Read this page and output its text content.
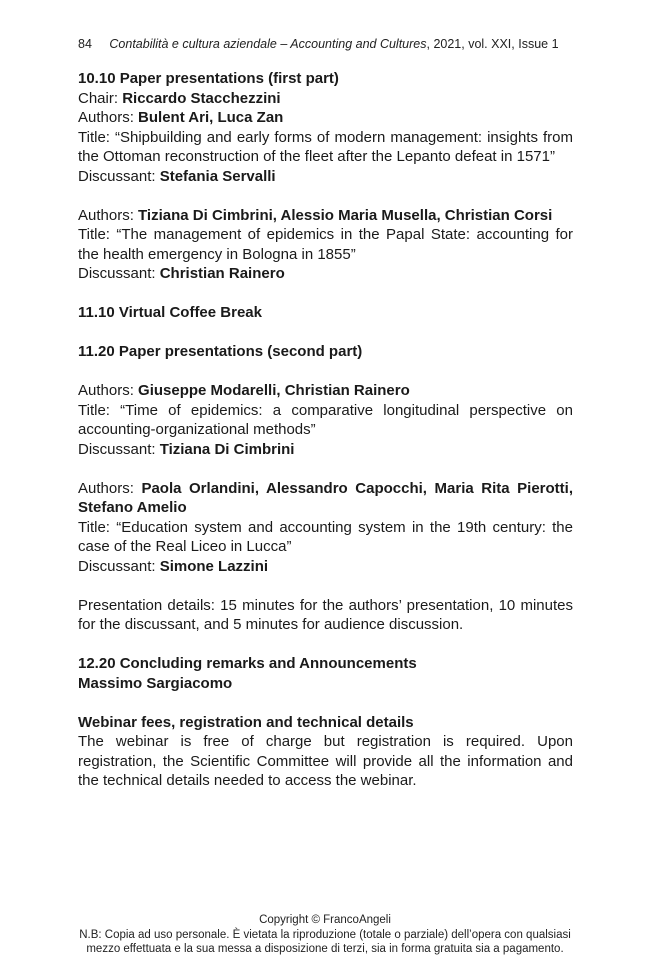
84 Contabilità e cultura aziendale – Accounting and Cultures, 2021, vol. XXI, Issue 1

10.10 Paper presentations (first part)

Chair: Riccardo Stacchezzini

Authors: Bulent Ari, Luca Zan

Title: “Shipbuilding and early forms of modern management: insights from the Ottoman reconstruction of the fleet after the Lepanto defeat in 1571”

Discussant: Stefania Servalli

Authors: Tiziana Di Cimbrini, Alessio Maria Musella, Christian Corsi

Title: “The management of epidemics in the Papal State: accounting for the health emergency in Bologna in 1855”

Discussant: Christian Rainero

11.10 Virtual Coffee Break

11.20 Paper presentations (second part)

Authors: Giuseppe Modarelli, Christian Rainero

Title: “Time of epidemics: a comparative longitudinal perspective on accounting-organizational methods”

Discussant: Tiziana Di Cimbrini

Authors: Paola Orlandini, Alessandro Capocchi, Maria Rita Pierotti, Stefano Amelio

Title: “Education system and accounting system in the 19th century: the case of the Real Liceo in Lucca”

Discussant: Simone Lazzini

Presentation details: 15 minutes for the authors’ presentation, 10 minutes for the discussant, and 5 minutes for audience discussion.

12.20 Concluding remarks and Announcements

Massimo Sargiacomo

Webinar fees, registration and technical details

The webinar is free of charge but registration is required. Upon registration, the Scientific Committee will provide all the information and the technical details needed to access the webinar.

Copyright © FrancoAngeli
N.B: Copia ad uso personale. È vietata la riproduzione (totale o parziale) dell’opera con qualsiasi
mezzo effettuata e la sua messa a disposizione di terzi, sia in forma gratuita sia a pagamento.
